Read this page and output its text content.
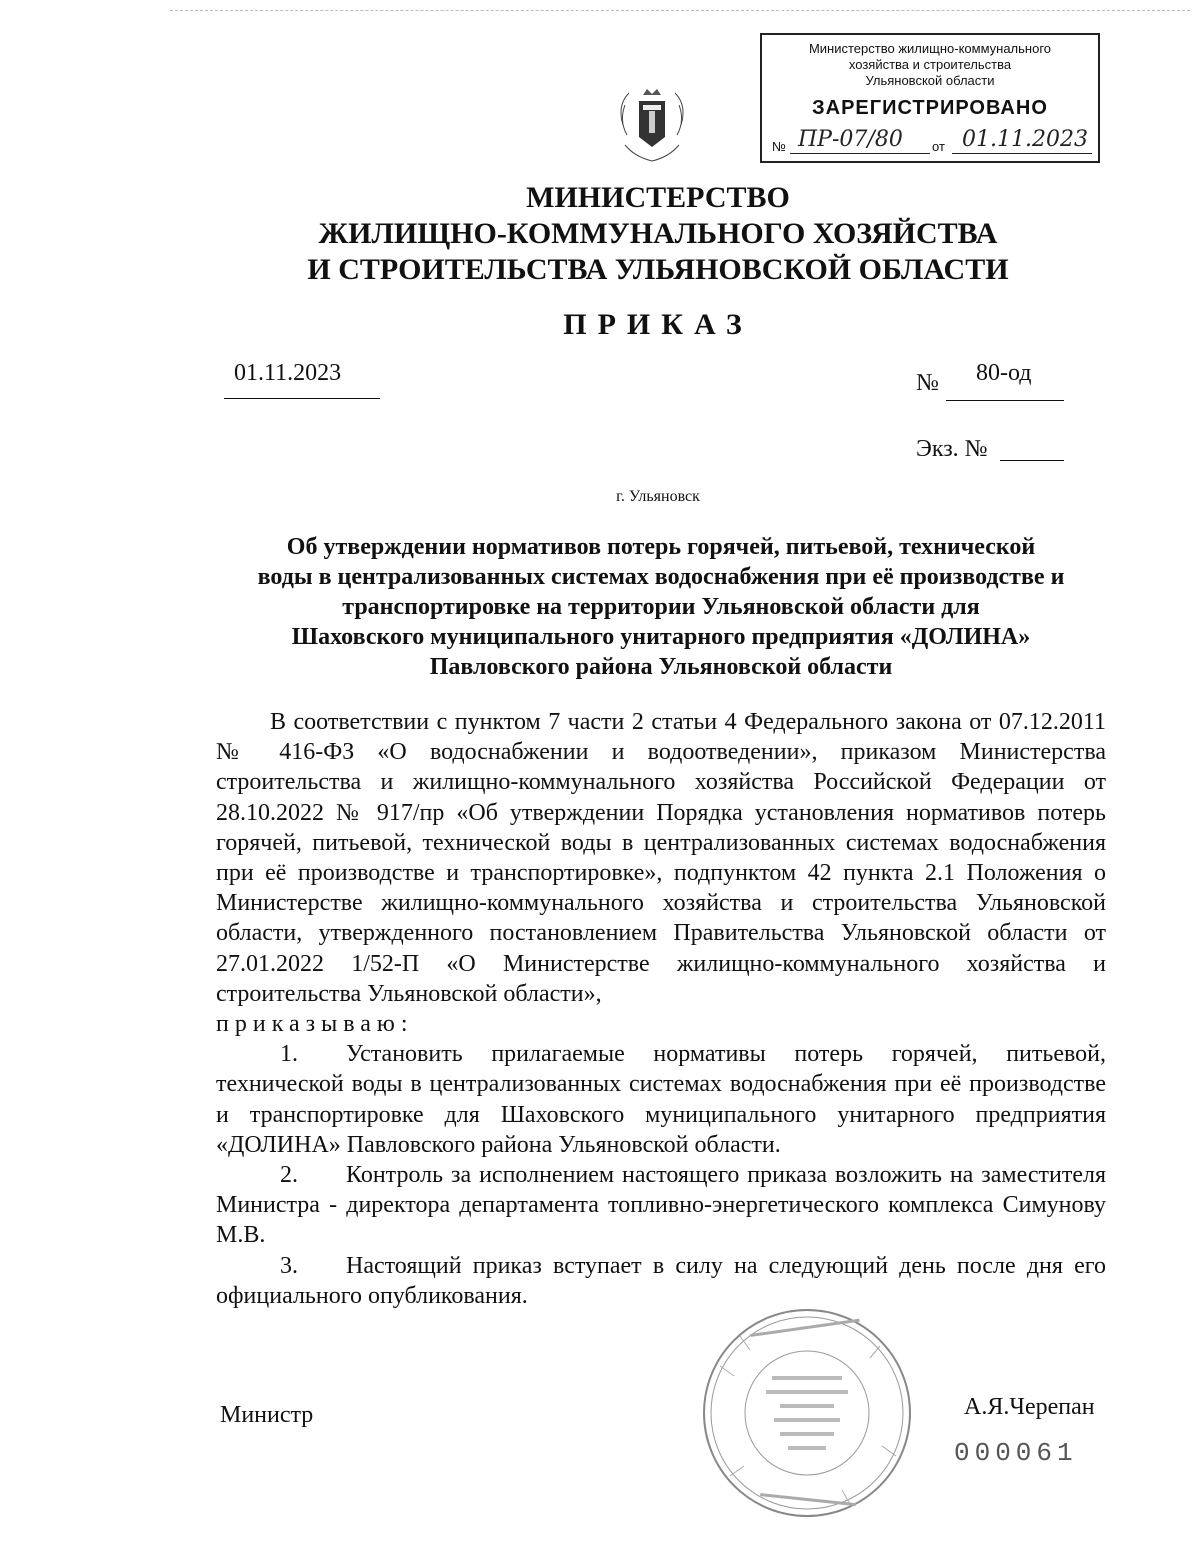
Министерство жилищно-коммунального
хозяйства и строительства
Ульяновской области
ЗАРЕГИСТРИРОВАНО
№ ПР-07/80 от 01.11.2023
МИНИСТЕРСТВО
ЖИЛИЩНО-КОММУНАЛЬНОГО ХОЗЯЙСТВА
И СТРОИТЕЛЬСТВА УЛЬЯНОВСКОЙ ОБЛАСТИ
ПРИКАЗ
01.11.2023	№ 80-од
Экз. №
г. Ульяновск

Об утверждении нормативов потерь горячей, питьевой, технической

воды в централизованных системах водоснабжения при её производстве и

транспортировке на территории Ульяновской области для

Шаховского муниципального унитарного предприятия «ДОЛИНА»

Павловского района Ульяновской области

В соответствии с пунктом 7 части 2 статьи 4 Федерального закона от 07.12.2011 № 416-ФЗ «О водоснабжении и водоотведении», приказом Министерства строительства и жилищно-коммунального хозяйства Российской Федерации от 28.10.2022 № 917/пр «Об утверждении Порядка установления нормативов потерь горячей, питьевой, технической воды в централизованных системах водоснабжения при её производстве и транспортировке», подпунктом 42 пункта 2.1 Положения о Министерстве жилищно-коммунального хозяйства и строительства Ульяновской области, утвержденного постановлением Правительства Ульяновской области от 27.01.2022 1/52-П «О Министерстве жилищно-коммунального хозяйства и строительства Ульяновской области»,

приказываю:

1. Установить прилагаемые нормативы потерь горячей, питьевой, технической воды в централизованных системах водоснабжения при её производстве и транспортировке для Шаховского муниципального унитарного предприятия «ДОЛИНА» Павловского района Ульяновской области.

2. Контроль за исполнением настоящего приказа возложить на заместителя Министра - директора департамента топливно-энергетического комплекса Симунову М.В.

3. Настоящий приказ вступает в силу на следующий день после дня его официального опубликования.

Министр	А.Я.Черепан
000061
